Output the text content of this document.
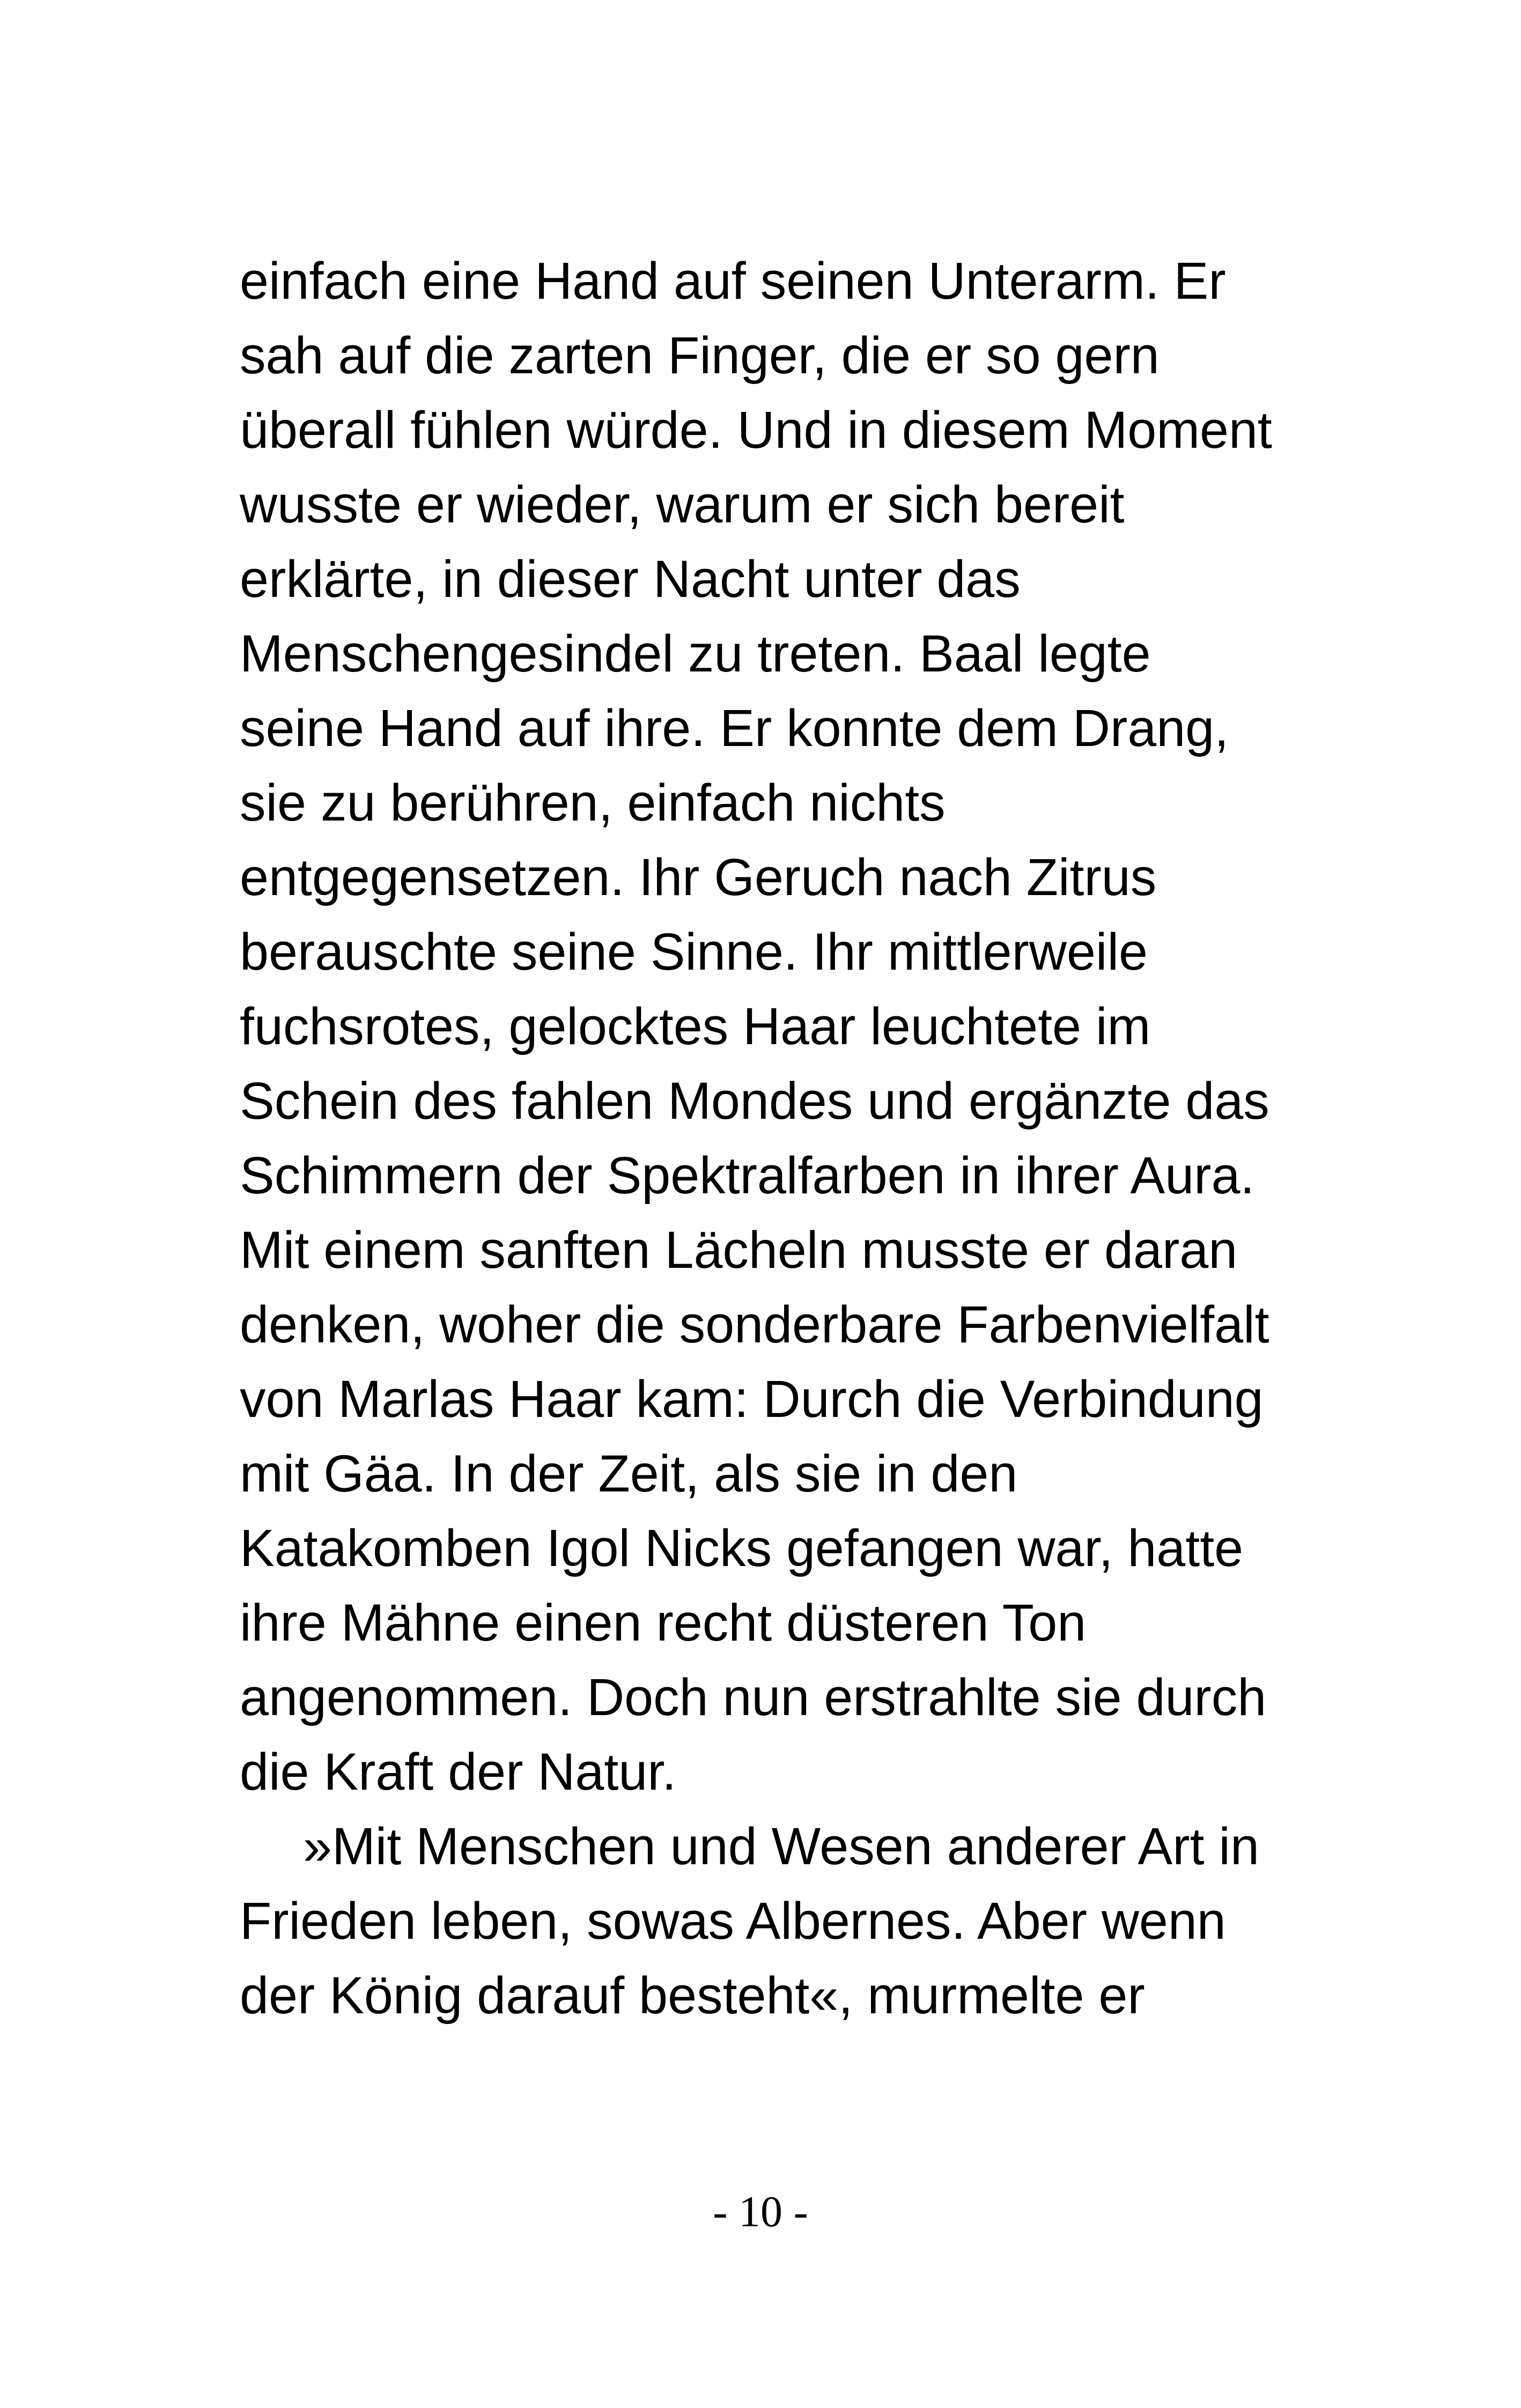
einfach eine Hand auf seinen Unterarm. Er
sah auf die zarten Finger, die er so gern
überall fühlen würde. Und in diesem Moment
wusste er wieder, warum er sich bereit
erklärte, in dieser Nacht unter das
Menschengesindel zu treten. Baal legte
seine Hand auf ihre. Er konnte dem Drang,
sie zu berühren, einfach nichts
entgegensetzen. Ihr Geruch nach Zitrus
berauschte seine Sinne. Ihr mittlerweile
fuchsrotes, gelocktes Haar leuchtete im
Schein des fahlen Mondes und ergänzte das
Schimmern der Spektralfarben in ihrer Aura.
Mit einem sanften Lächeln musste er daran
denken, woher die sonderbare Farbenvielfalt
von Marlas Haar kam: Durch die Verbindung
mit Gäa. In der Zeit, als sie in den
Katakomben Igol Nicks gefangen war, hatte
ihre Mähne einen recht düsteren Ton
angenommen. Doch nun erstrahlte sie durch
die Kraft der Natur.
»Mit Menschen und Wesen anderer Art in
Frieden leben, sowas Albernes. Aber wenn
der König darauf besteht«, murmelte er
- 10 -
